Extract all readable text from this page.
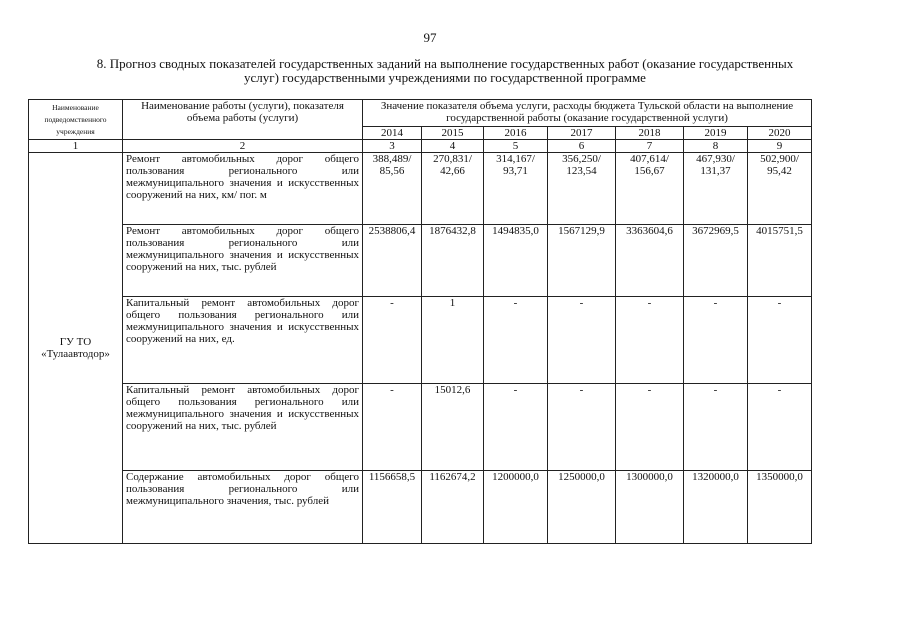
97
8. Прогноз сводных показателей государственных заданий на выполнение государственных работ (оказание государственных услуг) государственными учреждениями по государственной программе
Наименование подведомственного учреждения	Наименование работы (услуги), показателя объема работы (услуги)	Значение показателя объема услуги, расходы бюджета Тульской области на выполнение государственной работы (оказание государственной услуги)						
		2014	2015	2016	2017	2018	2019	2020
1	2	3	4	5	6	7	8	9
ГУ ТО «Тулаавтодор»	Ремонт автомобильных дорог общего пользования регионального или межмуниципального значения и искусственных сооружений на них, км/ пог. м	388,489/ 85,56	270,831/ 42,66	314,167/ 93,71	356,250/ 123,54	407,614/ 156,67	467,930/ 131,37	502,900/ 95,42
	Ремонт автомобильных дорог общего пользования регионального или межмуниципального значения и искусственных сооружений на них, тыс. рублей	2538806,4	1876432,8	1494835,0	1567129,9	3363604,6	3672969,5	4015751,5
	Капитальный ремонт автомобильных дорог общего пользования регионального или межмуниципального значения и искусственных сооружений на них, ед.	-	1	-	-	-	-	-
	Капитальный ремонт автомобильных дорог общего пользования регионального или межмуниципального значения и искусственных сооружений на них, тыс. рублей	-	15012,6	-	-	-	-	-
	Содержание автомобильных дорог общего пользования регионального или межмуниципального значения, тыс. рублей	1156658,5	1162674,2	1200000,0	1250000,0	1300000,0	1320000,0	1350000,0
